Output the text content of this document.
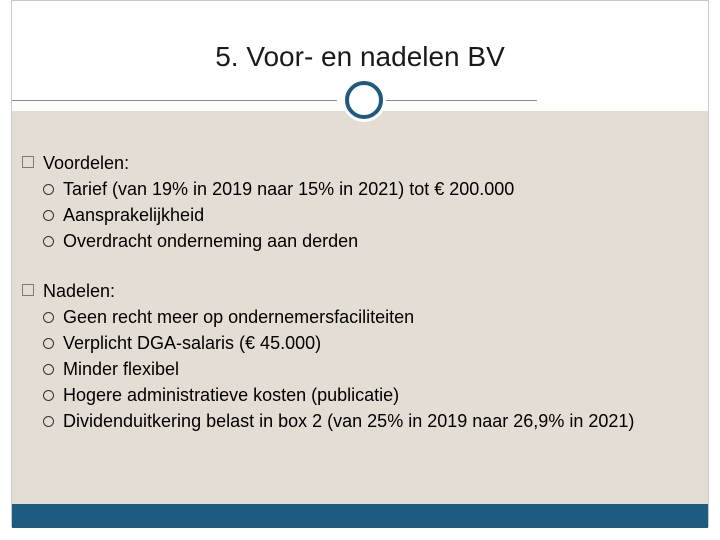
5. Voor- en nadelen BV
Voordelen:
Tarief (van 19% in 2019 naar 15% in 2021) tot € 200.000
Aansprakelijkheid
Overdracht onderneming aan derden
Nadelen:
Geen recht meer op ondernemersfaciliteiten
Verplicht DGA-salaris (€ 45.000)
Minder flexibel
Hogere administratieve kosten (publicatie)
Dividenduitkering belast in box 2 (van 25% in 2019 naar 26,9% in 2021)
